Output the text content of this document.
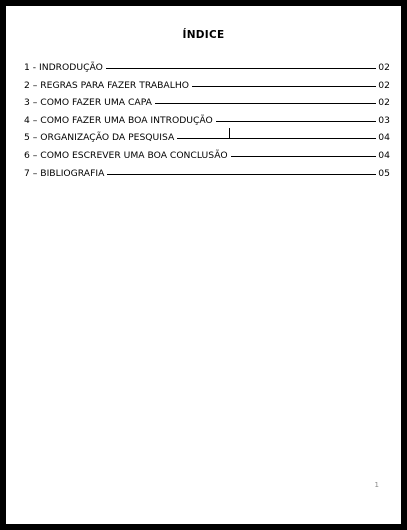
ÍNDICE
1 - INDRODUÇÃO	02
2 – REGRAS PARA FAZER TRABALHO	02
3 – COMO FAZER UMA CAPA	02
4 – COMO FAZER UMA BOA INTRODUÇÃO	03
5 – ORGANIZAÇÃO DA PESQUISA	04
6 – COMO ESCREVER UMA BOA CONCLUSÃO	04
7 – BIBLIOGRAFIA	05
1
